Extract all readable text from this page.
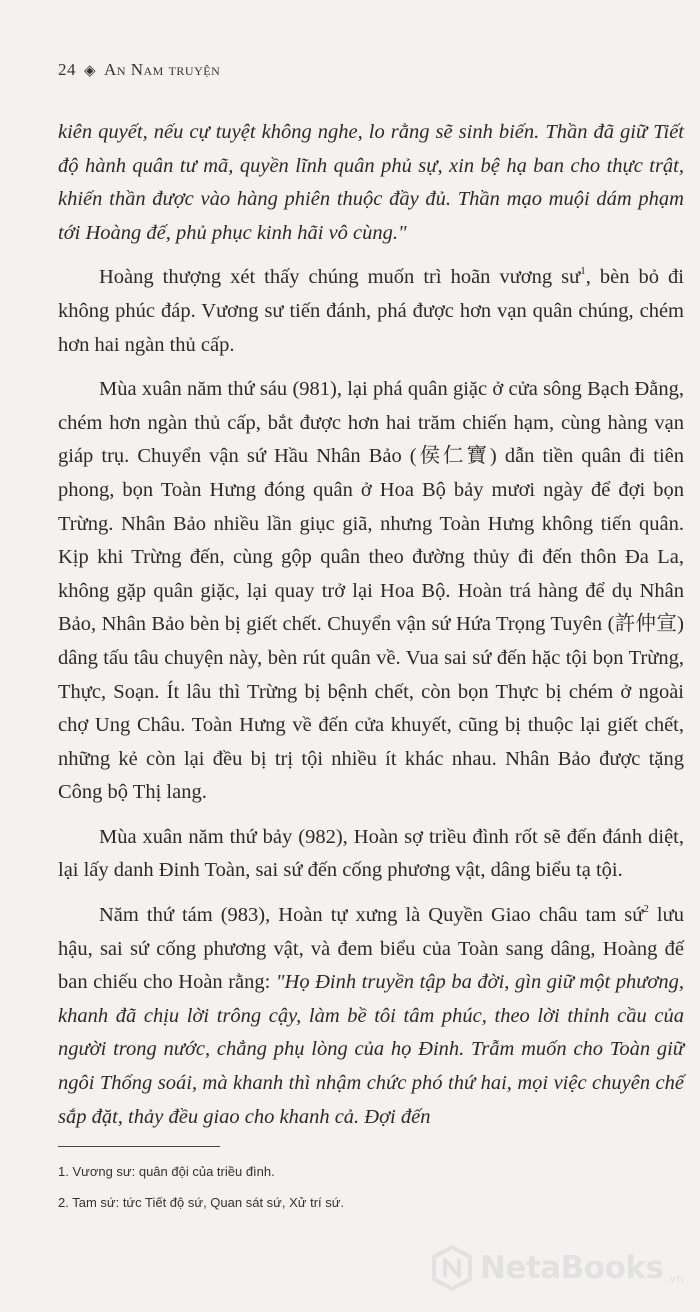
24 ◈ An Nam truyện

kiên quyết, nếu cự tuyệt không nghe, lo rằng sẽ sinh biến. Thần đã giữ Tiết độ hành quân tư mã, quyền lĩnh quân phủ sự, xin bệ hạ ban cho thực trật, khiến thần được vào hàng phiên thuộc đầy đủ. Thần mạo muội dám phạm tới Hoàng đế, phủ phục kinh hãi vô cùng."

Hoàng thượng xét thấy chúng muốn trì hoãn vương $sư^1$, bèn bỏ đi không phúc đáp. Vương sư tiến đánh, phá được hơn vạn quân chúng, chém hơn hai ngàn thủ cấp.

Mùa xuân năm thứ sáu (981), lại phá quân giặc ở cửa sông Bạch Đằng, chém hơn ngàn thủ cấp, bắt được hơn hai trăm chiến hạm, cùng hàng vạn giáp trụ. Chuyển vận sứ Hầu Nhân Bảo (侯仁寶) dẫn tiền quân đi tiên phong, bọn Toàn Hưng đóng quân ở Hoa Bộ bảy mươi ngày để đợi bọn Trừng. Nhân Bảo nhiều lần giục giã, nhưng Toàn Hưng không tiến quân. Kịp khi Trừng đến, cùng gộp quân theo đường thủy đi đến thôn Đa La, không gặp quân giặc, lại quay trở lại Hoa Bộ. Hoàn trá hàng để dụ Nhân Bảo, Nhân Bảo bèn bị giết chết. Chuyển vận sứ Hứa Trọng Tuyên (許仲宣) dâng tấu tâu chuyện này, bèn rút quân về. Vua sai sứ đến hặc tội bọn Trừng, Thực, Soạn. Ít lâu thì Trừng bị bệnh chết, còn bọn Thực bị chém ở ngoài chợ Ung Châu. Toàn Hưng về đến cửa khuyết, cũng bị thuộc lại giết chết, những kẻ còn lại đều bị trị tội nhiều ít khác nhau. Nhân Bảo được tặng Công bộ Thị lang.

Mùa xuân năm thứ bảy (982), Hoàn sợ triều đình rốt sẽ đến đánh diệt, lại lấy danh Đinh Toàn, sai sứ đến cống phương vật, dâng biểu tạ tội.

Năm thứ tám (983), Hoàn tự xưng là Quyền Giao châu tam sứ$^2$ lưu hậu, sai sứ cống phương vật, và đem biểu của Toàn sang dâng, Hoàng đế ban chiếu cho Hoàn rằng: "Họ Đinh truyền tập ba đời, gìn giữ một phương, khanh đã chịu lời trông cậy, làm bề tôi tâm phúc, theo lời thỉnh cầu của người trong nước, chẳng phụ lòng của họ Đinh. Trẫm muốn cho Toàn giữ ngôi Thống soái, mà khanh thì nhậm chức phó thứ hai, mọi việc chuyên chế sắp đặt, thảy đều giao cho khanh cả. Đợi đến

1. Vương sư: quân đội của triều đình.
2. Tam sứ: tức Tiết độ sứ, Quan sát sứ, Xử trí sứ.
NetaBooks .vn
